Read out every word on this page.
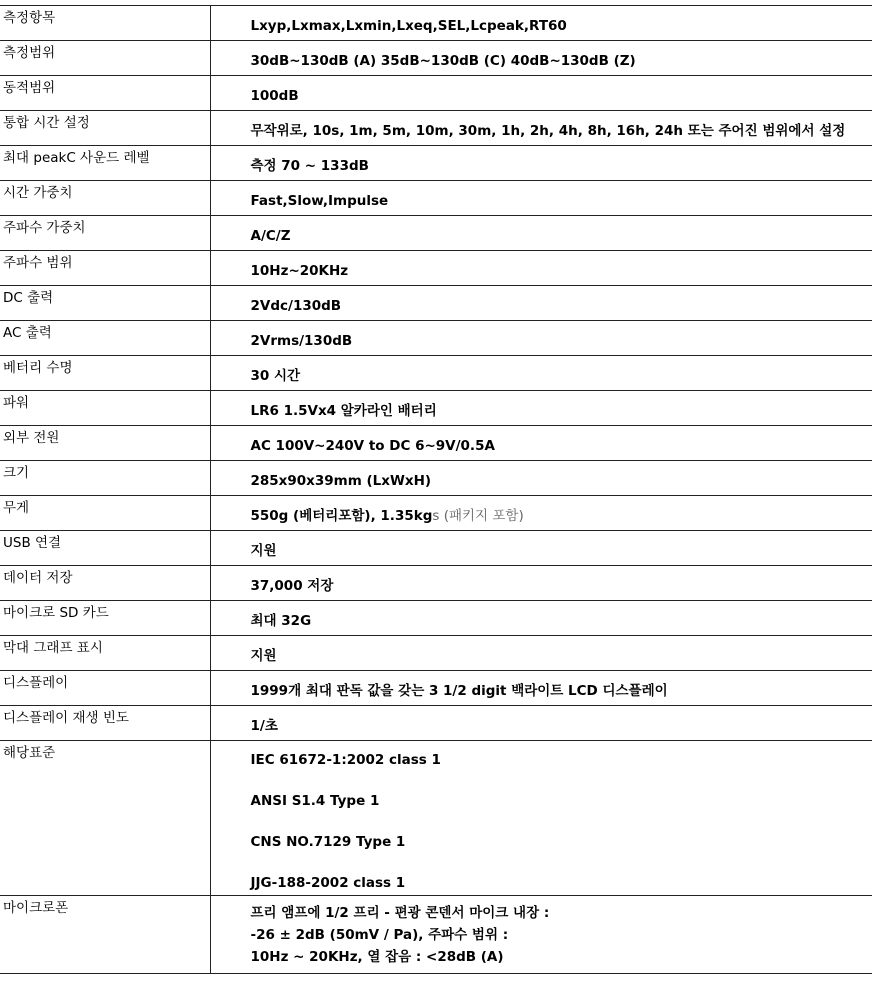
측정항목	Lxyp,Lxmax,Lxmin,Lxeq,SEL,Lcpeak,RT60
측정범위	30dB~130dB (A) 35dB~130dB (C) 40dB~130dB (Z)
동적범위	100dB
통합 시간 설정	무작위로, 10s, 1m, 5m, 10m, 30m, 1h, 2h, 4h, 8h, 16h, 24h 또는 주어진 범위에서 설정
최대 peakC 사운드 레벨	측정 70 ~ 133dB
시간 가중치	Fast,Slow,Impulse
주파수 가중치	A/C/Z
주파수 범위	10Hz~20KHz
DC 출력	2Vdc/130dB
AC 출력	2Vrms/130dB
베터리 수명	30 시간
파워	LR6 1.5Vx4 알카라인 배터리
외부 전원	AC 100V~240V to DC 6~9V/0.5A
크기	285x90x39mm (LxWxH)
무게	550g (베터리포함), 1.35kgs (패키지 포함)
USB 연결	지원
데이터 저장	37,000 저장
마이크로 SD 카드	최대 32G
막대 그래프 표시	지원
디스플레이	1999개 최대 판독 값을 갖는 3 1/2 digit 백라이트 LCD 디스플레이
디스플레이 재생 빈도	1/초
해당표준	IEC 61672-1:2002 class 1
ANSI S1.4 Type 1
CNS NO.7129 Type 1
JJG-188-2002 class 1

마이크로폰	프리 앰프에 1/2 프리 - 편광 콘덴서 마이크 내장 :
-26 ± 2dB (50mV / Pa), 주파수 범위 :
10Hz ~ 20KHz, 열 잡음 : <28dB (A)
